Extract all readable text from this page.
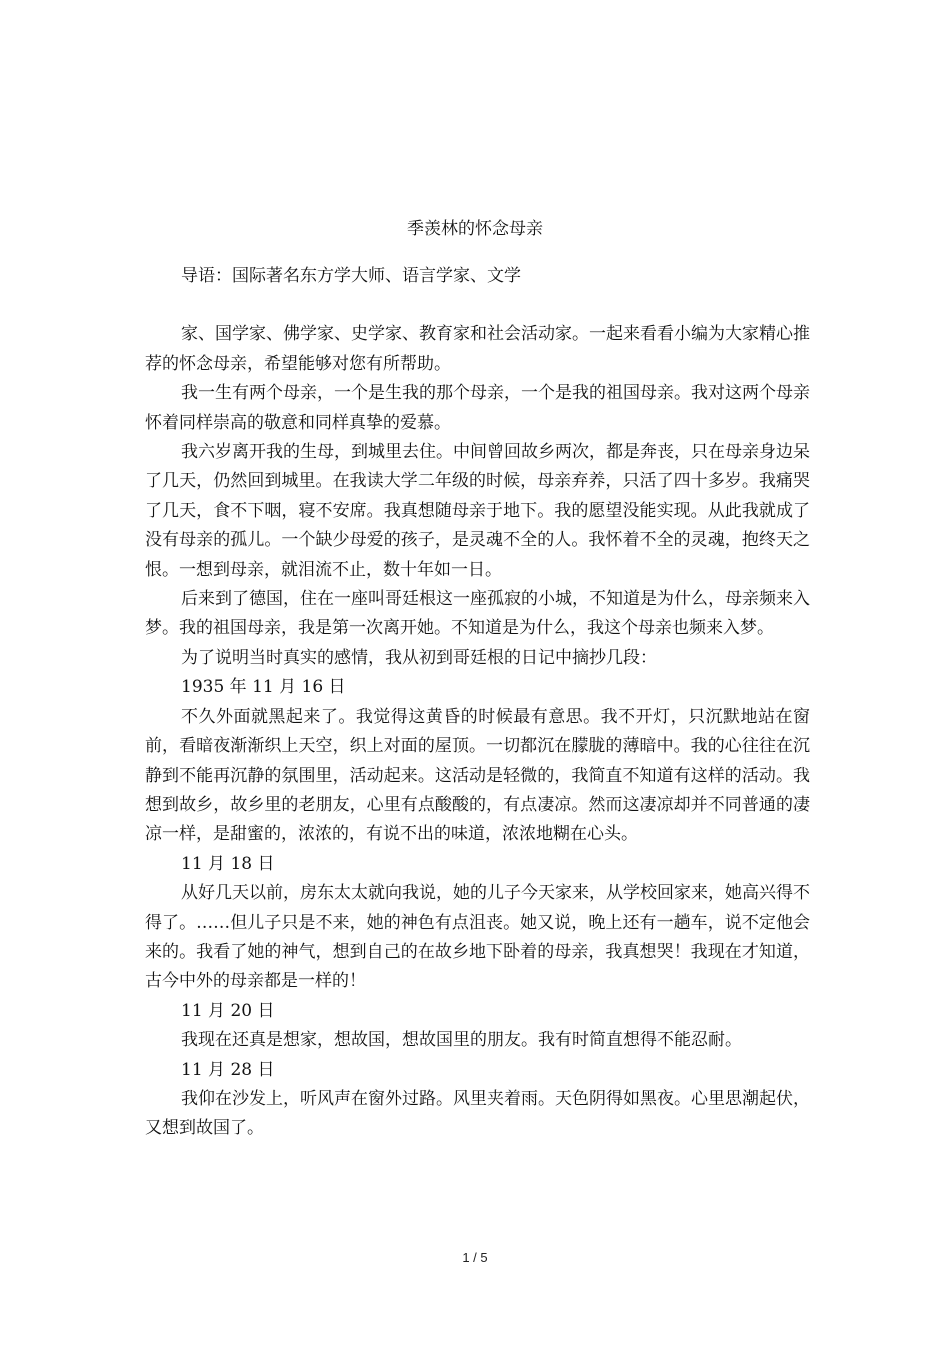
季羡林的怀念母亲

导语：国际著名东方学大师、语言学家、文学

家、国学家、佛学家、史学家、教育家和社会活动家。一起来看看小编为大家精心推荐的怀念母亲，希望能够对您有所帮助。

我一生有两个母亲，一个是生我的那个母亲，一个是我的祖国母亲。我对这两个母亲怀着同样崇高的敬意和同样真挚的爱慕。

我六岁离开我的生母，到城里去住。中间曾回故乡两次，都是奔丧，只在母亲身边呆了几天，仍然回到城里。在我读大学二年级的时候，母亲弃养，只活了四十多岁。我痛哭了几天，食不下咽，寝不安席。我真想随母亲于地下。我的愿望没能实现。从此我就成了没有母亲的孤儿。一个缺少母爱的孩子，是灵魂不全的人。我怀着不全的灵魂，抱终天之恨。一想到母亲，就泪流不止，数十年如一日。

后来到了德国，住在一座叫哥廷根这一座孤寂的小城，不知道是为什么，母亲频来入梦。我的祖国母亲，我是第一次离开她。不知道是为什么，我这个母亲也频来入梦。

为了说明当时真实的感情，我从初到哥廷根的日记中摘抄几段：

1935 年 11 月 16 日

不久外面就黑起来了。我觉得这黄昏的时候最有意思。我不开灯，只沉默地站在窗前，看暗夜渐渐织上天空，织上对面的屋顶。一切都沉在朦胧的薄暗中。我的心往往在沉静到不能再沉静的氛围里，活动起来。这活动是轻微的，我简直不知道有这样的活动。我想到故乡，故乡里的老朋友，心里有点酸酸的，有点凄凉。然而这凄凉却并不同普通的凄凉一样，是甜蜜的，浓浓的，有说不出的味道，浓浓地糊在心头。

11 月 18 日

从好几天以前，房东太太就向我说，她的儿子今天家来，从学校回家来，她高兴得不得了。……但儿子只是不来，她的神色有点沮丧。她又说，晚上还有一趟车，说不定他会来的。我看了她的神气，想到自己的在故乡地下卧着的母亲，我真想哭！我现在才知道，古今中外的母亲都是一样的！

11 月 20 日

我现在还真是想家，想故国，想故国里的朋友。我有时简直想得不能忍耐。

11 月 28 日

我仰在沙发上，听风声在窗外过路。风里夹着雨。天色阴得如黑夜。心里思潮起伏，又想到故国了。

1 / 5
